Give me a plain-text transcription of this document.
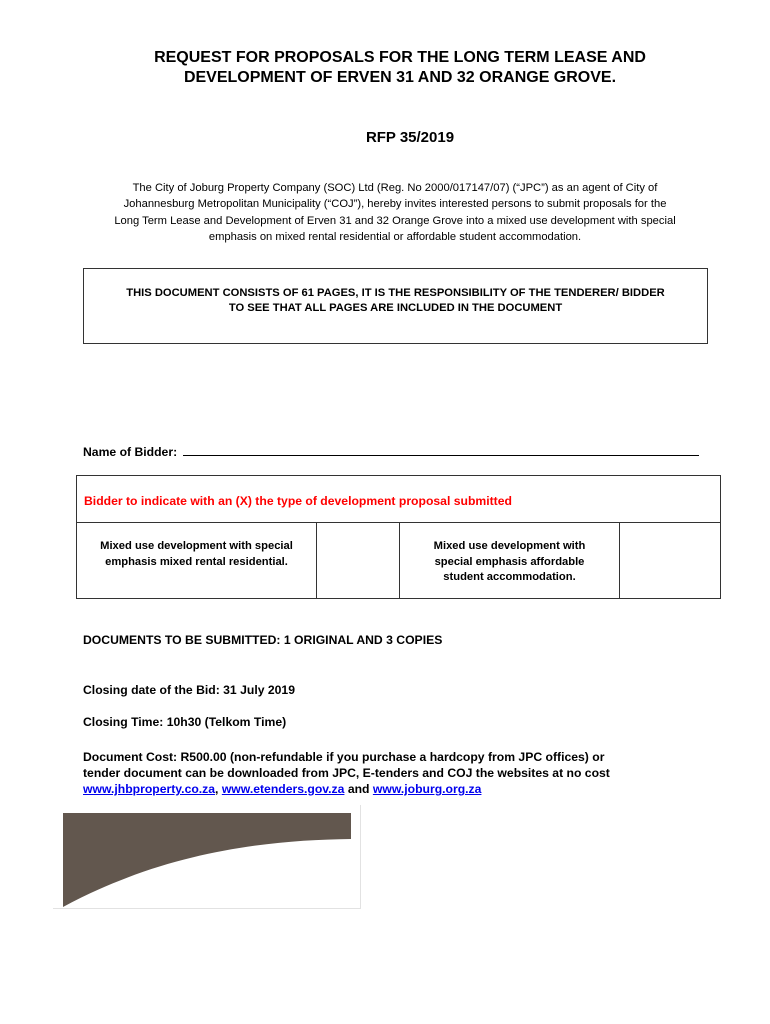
REQUEST FOR PROPOSALS FOR THE LONG TERM LEASE AND
DEVELOPMENT OF ERVEN 31 AND 32 ORANGE GROVE.
RFP 35/2019
The City of Joburg Property Company (SOC) Ltd (Reg. No 2000/017147/07) (“JPC”) as an agent of City of
Johannesburg Metropolitan Municipality (“COJ”), hereby invites interested persons to submit proposals for the
Long Term Lease and Development of Erven 31 and 32 Orange Grove into a mixed use development with special
emphasis on mixed rental residential or affordable student accommodation.
THIS DOCUMENT CONSISTS OF 61 PAGES, IT IS THE RESPONSIBILITY OF THE TENDERER/ BIDDER
TO SEE THAT ALL PAGES ARE INCLUDED IN THE DOCUMENT
Name of Bidder:
Bidder to indicate with an (X) the type of development proposal submitted
Mixed use development with special
emphasis mixed rental residential.
Mixed use development with
special emphasis affordable
student accommodation.
DOCUMENTS TO BE SUBMITTED: 1 ORIGINAL AND 3 COPIES
Closing date of the Bid: 31 July 2019
Closing Time: 10h30 (Telkom Time)
Document Cost: R500.00 (non-refundable if you purchase a hardcopy from JPC offices) or
tender document can be downloaded from JPC, E-tenders and COJ the websites at no cost
www.jhbproperty.co.za, www.etenders.gov.za and www.joburg.org.za
